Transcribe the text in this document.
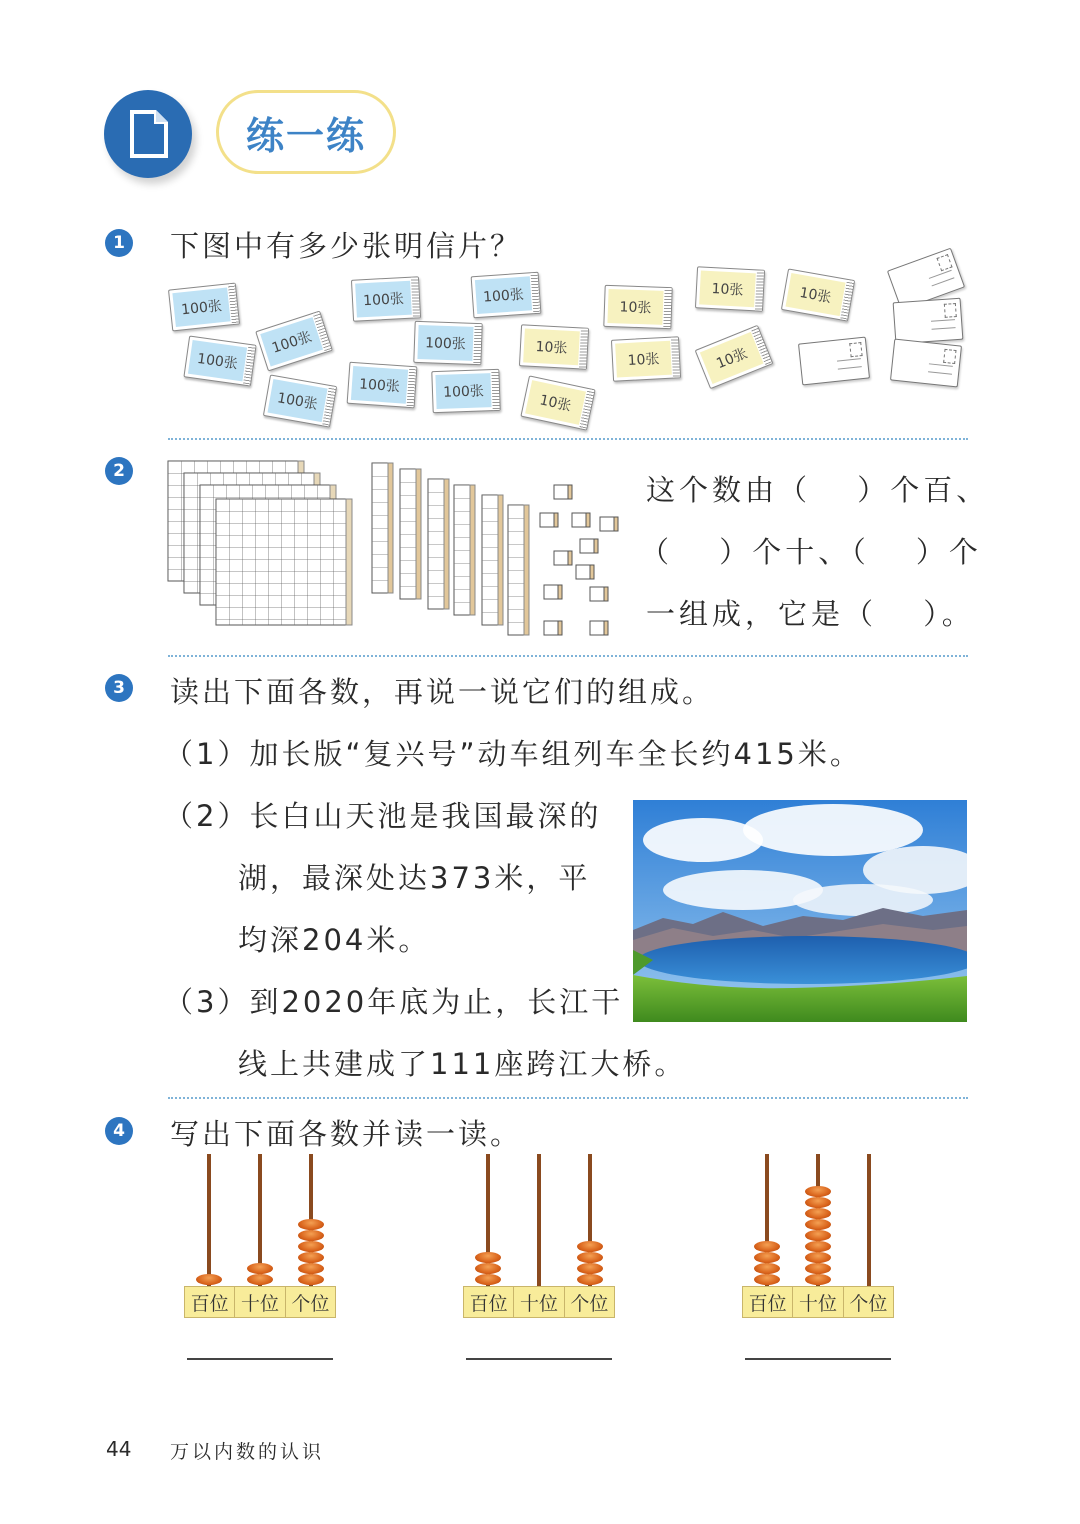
练一练
1 下图中有多少张明信片？
100张
100张
100张
100张
100张
100张
100张
100张
100张
10张
10张
10张
10张
10张
10张
10张
2
这个数由（　 ）个百、
（　 ）个十、（　 ）个
一组成，它是（　 ）。
3 读出下面各数，再说一说它们的组成。
（1）加长版“复兴号”动车组列车全长约415米。
（2）长白山天池是我国最深的
湖，最深处达373米，平
均深204米。
（3）到2020年底为止，长江干
线上共建成了111座跨江大桥。
4 写出下面各数并读一读。
百位 十位 个位	百位 十位 个位	百位 十位 个位
44 万以内数的认识
